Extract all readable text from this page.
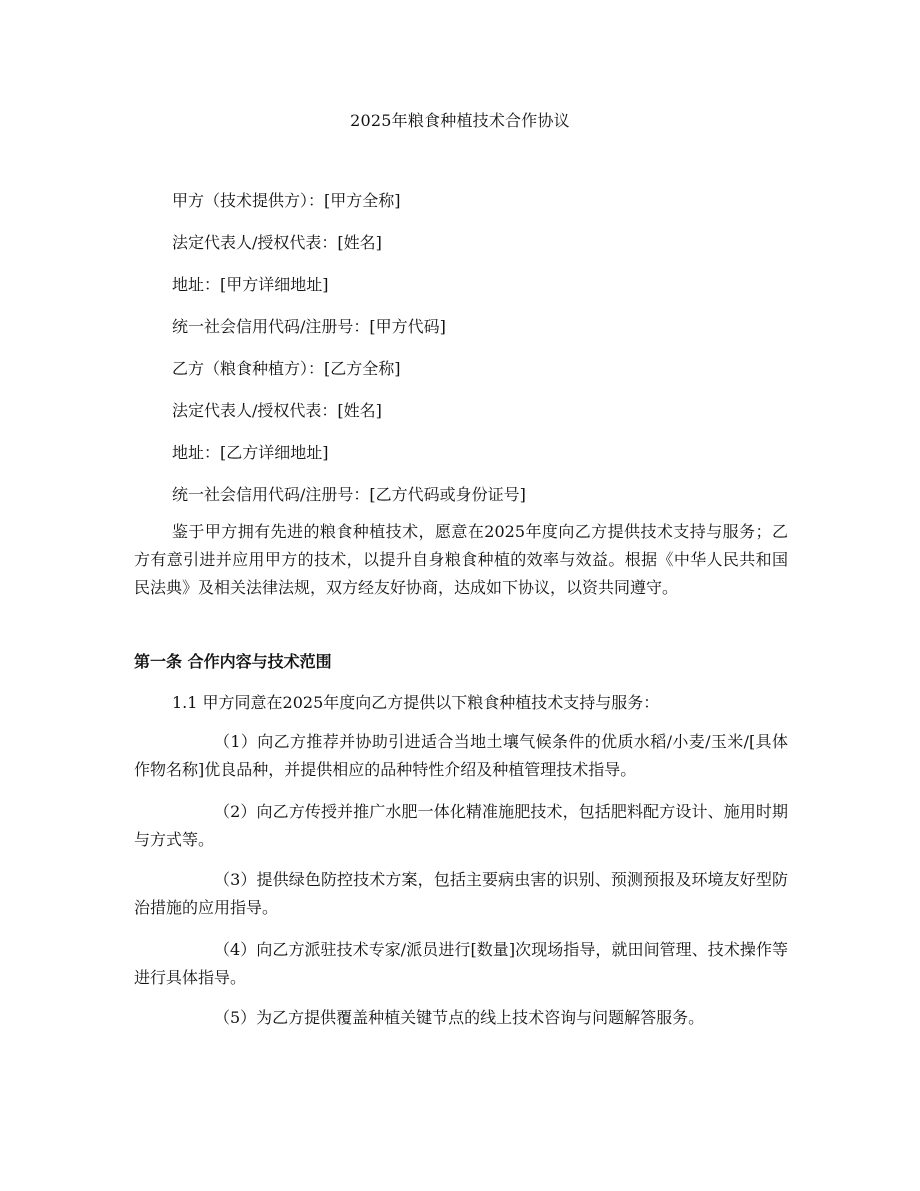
2025年粮食种植技术合作协议
甲方（技术提供方）：[甲方全称]
法定代表人/授权代表：[姓名]
地址：[甲方详细地址]
统一社会信用代码/注册号：[甲方代码]
乙方（粮食种植方）：[乙方全称]
法定代表人/授权代表：[姓名]
地址：[乙方详细地址]
统一社会信用代码/注册号：[乙方代码或身份证号]
鉴于甲方拥有先进的粮食种植技术，愿意在2025年度向乙方提供技术支持与服务；乙方有意引进并应用甲方的技术，以提升自身粮食种植的效率与效益。根据《中华人民共和国民法典》及相关法律法规，双方经友好协商，达成如下协议，以资共同遵守。
第一条 合作内容与技术范围
1.1 甲方同意在2025年度向乙方提供以下粮食种植技术支持与服务：
（1）向乙方推荐并协助引进适合当地土壤气候条件的优质水稻/小麦/玉米/[具体作物名称]优良品种，并提供相应的品种特性介绍及种植管理技术指导。
（2）向乙方传授并推广水肥一体化精准施肥技术，包括肥料配方设计、施用时期与方式等。
（3）提供绿色防控技术方案，包括主要病虫害的识别、预测预报及环境友好型防治措施的应用指导。
（4）向乙方派驻技术专家/派员进行[数量]次现场指导，就田间管理、技术操作等进行具体指导。
（5）为乙方提供覆盖种植关键节点的线上技术咨询与问题解答服务。
